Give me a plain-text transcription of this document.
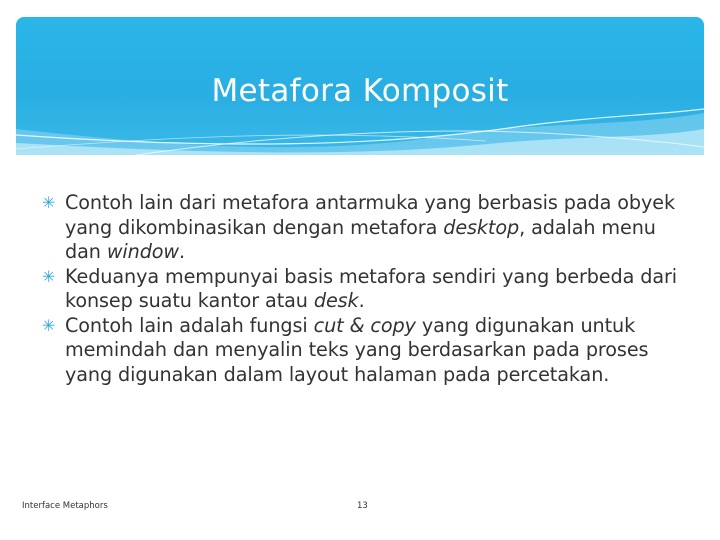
Metafora Komposit
✳ Contoh lain dari metafora antarmuka yang berbasis pada obyek yang dikombinasikan dengan metafora desktop, adalah menu dan window.
✳ Keduanya mempunyai basis metafora sendiri yang berbeda dari konsep suatu kantor atau desk.
✳ Contoh lain adalah fungsi cut & copy yang digunakan untuk memindah dan menyalin teks yang berdasarkan pada proses yang digunakan dalam layout halaman pada percetakan.
Interface Metaphors	13
